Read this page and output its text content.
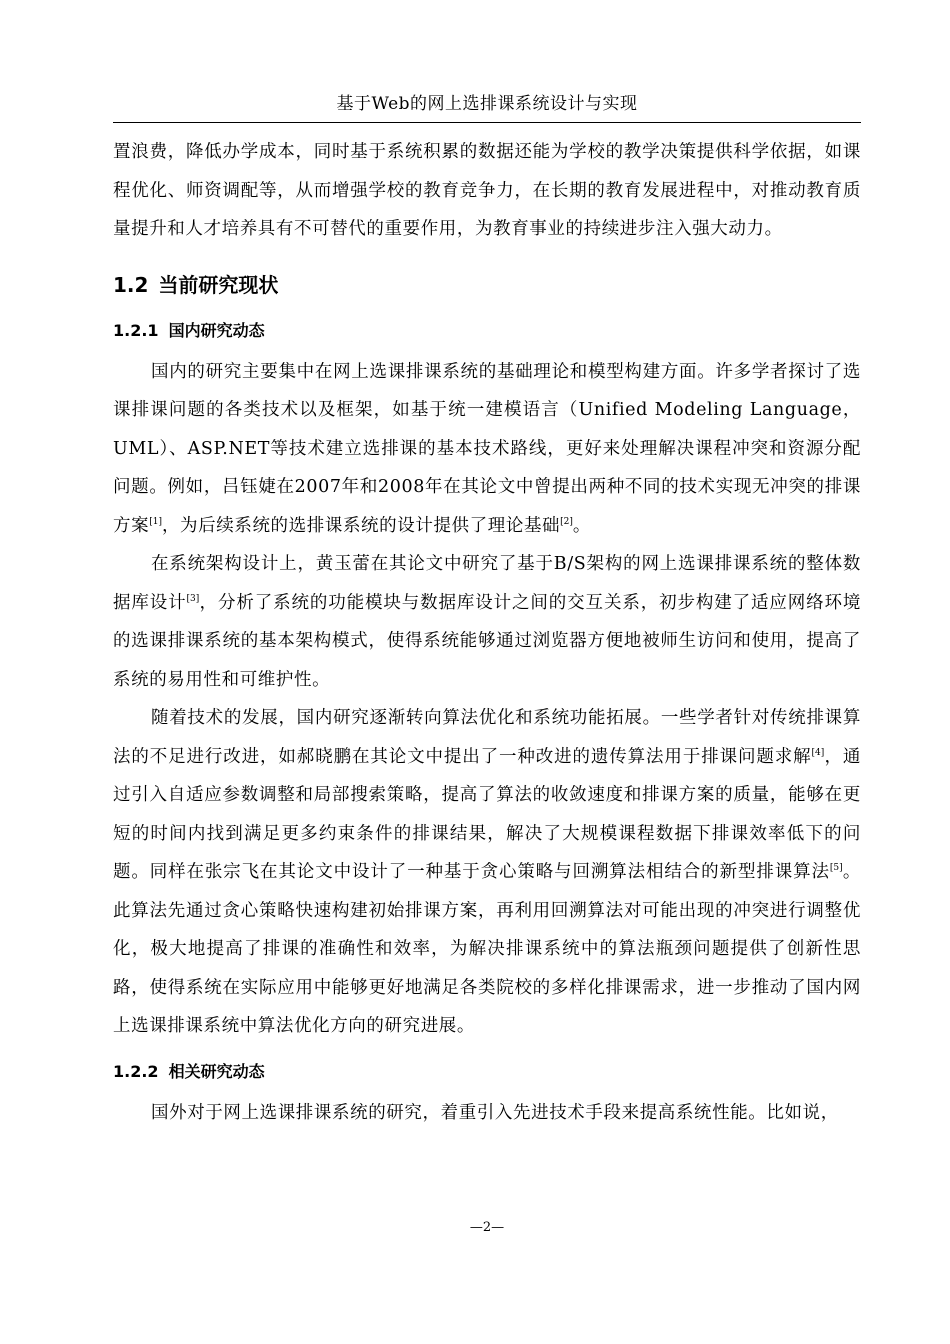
基于Web的网上选排课系统设计与实现

置浪费，降低办学成本，同时基于系统积累的数据还能为学校的教学决策提供科学依据，如课程优化、师资调配等，从而增强学校的教育竞争力，在长期的教育发展进程中，对推动教育质量提升和人才培养具有不可替代的重要作用，为教育事业的持续进步注入强大动力。

1.2 当前研究现状
1.2.1 国内研究动态

国内的研究主要集中在网上选课排课系统的基础理论和模型构建方面。许多学者探讨了选课排课问题的各类技术以及框架，如基于统一建模语言（Unified Modeling Language，UML）、ASP.NET等技术建立选排课的基本技术路线，更好来处理解决课程冲突和资源分配问题。例如，吕钰婕在2007年和2008年在其论文中曾提出两种不同的技术实现无冲突的排课方案[1]，为后续系统的选排课系统的设计提供了理论基础[2]。

在系统架构设计上，黄玉蕾在其论文中研究了基于B/S架构的网上选课排课系统的整体数据库设计[3]，分析了系统的功能模块与数据库设计之间的交互关系，初步构建了适应网络环境的选课排课系统的基本架构模式，使得系统能够通过浏览器方便地被师生访问和使用，提高了系统的易用性和可维护性。

随着技术的发展，国内研究逐渐转向算法优化和系统功能拓展。一些学者针对传统排课算法的不足进行改进，如郝晓鹏在其论文中提出了一种改进的遗传算法用于排课问题求解[4]，通过引入自适应参数调整和局部搜索策略，提高了算法的收敛速度和排课方案的质量，能够在更短的时间内找到满足更多约束条件的排课结果，解决了大规模课程数据下排课效率低下的问题。同样在张宗飞在其论文中设计了一种基于贪心策略与回溯算法相结合的新型排课算法[5]。此算法先通过贪心策略快速构建初始排课方案，再利用回溯算法对可能出现的冲突进行调整优化，极大地提高了排课的准确性和效率，为解决排课系统中的算法瓶颈问题提供了创新性思路，使得系统在实际应用中能够更好地满足各类院校的多样化排课需求，进一步推动了国内网上选课排课系统中算法优化方向的研究进展。

1.2.2 相关研究动态

国外对于网上选课排课系统的研究，着重引入先进技术手段来提高系统性能。比如说，

—2—
